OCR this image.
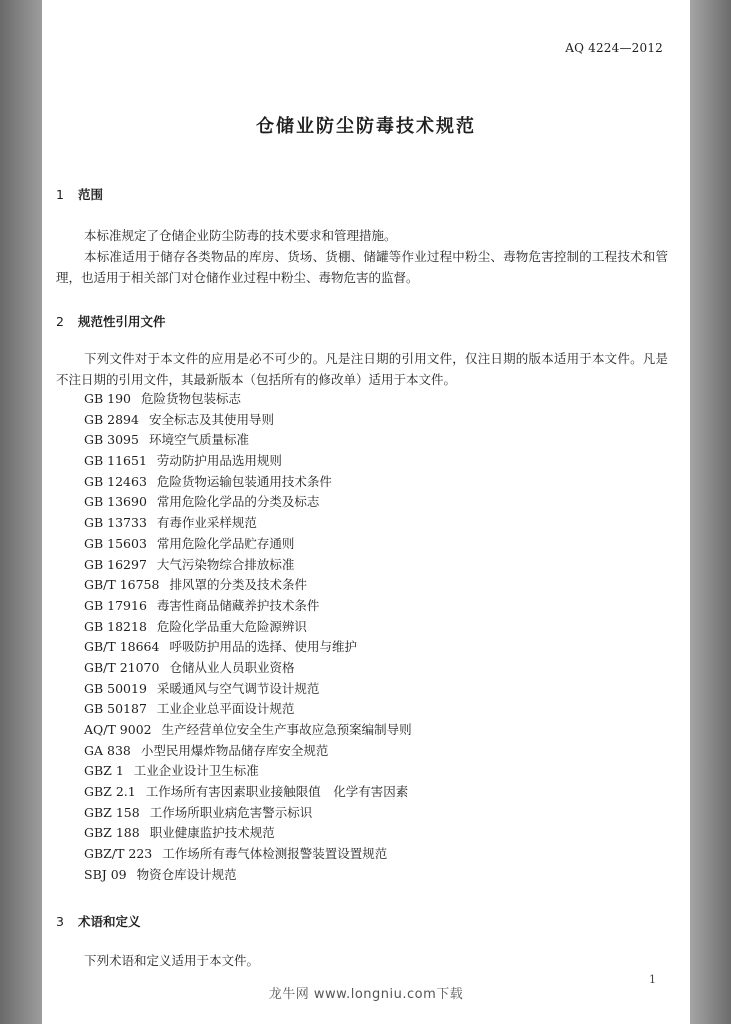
AQ 4224—2012
仓储业防尘防毒技术规范
1 范围
本标准规定了仓储企业防尘防毒的技术要求和管理措施。
本标准适用于储存各类物品的库房、货场、货棚、储罐等作业过程中粉尘、毒物危害控制的工程技术和管理，也适用于相关部门对仓储作业过程中粉尘、毒物危害的监督。
2 规范性引用文件
下列文件对于本文件的应用是必不可少的。凡是注日期的引用文件，仅注日期的版本适用于本文件。凡是不注日期的引用文件，其最新版本（包括所有的修改单）适用于本文件。
GB 190 危险货物包装标志
GB 2894 安全标志及其使用导则
GB 3095 环境空气质量标准
GB 11651 劳动防护用品选用规则
GB 12463 危险货物运输包装通用技术条件
GB 13690 常用危险化学品的分类及标志
GB 13733 有毒作业采样规范
GB 15603 常用危险化学品贮存通则
GB 16297 大气污染物综合排放标准
GB/T 16758 排风罩的分类及技术条件
GB 17916 毒害性商品储藏养护技术条件
GB 18218 危险化学品重大危险源辨识
GB/T 18664 呼吸防护用品的选择、使用与维护
GB/T 21070 仓储从业人员职业资格
GB 50019 采暖通风与空气调节设计规范
GB 50187 工业企业总平面设计规范
AQ/T 9002 生产经营单位安全生产事故应急预案编制导则
GA 838 小型民用爆炸物品储存库安全规范
GBZ 1 工业企业设计卫生标准
GBZ 2.1 工作场所有害因素职业接触限值　化学有害因素
GBZ 158 工作场所职业病危害警示标识
GBZ 188 职业健康监护技术规范
GBZ/T 223 工作场所有毒气体检测报警装置设置规范
SBJ 09 物资仓库设计规范
3 术语和定义
下列术语和定义适用于本文件。
1
龙牛网 www.longniu.com下载
